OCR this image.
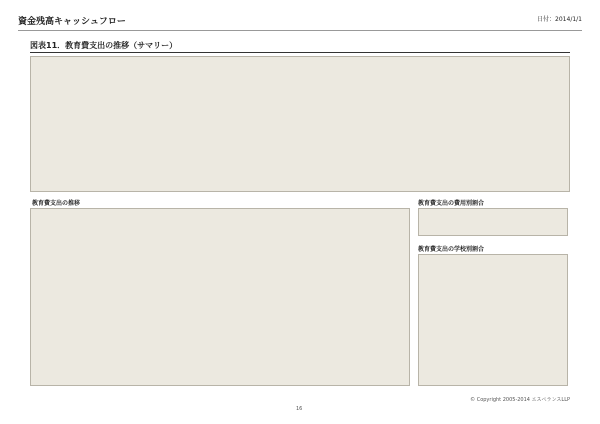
資金残高キャッシュフロー	日付：2014/1/1
図表11．教育費支出の推移（サマリー）
教育費支出の推移	教育費支出の費用別割合
教育費支出の学校別割合
16
© Copyright 2005-2014 エスペランスLLP
